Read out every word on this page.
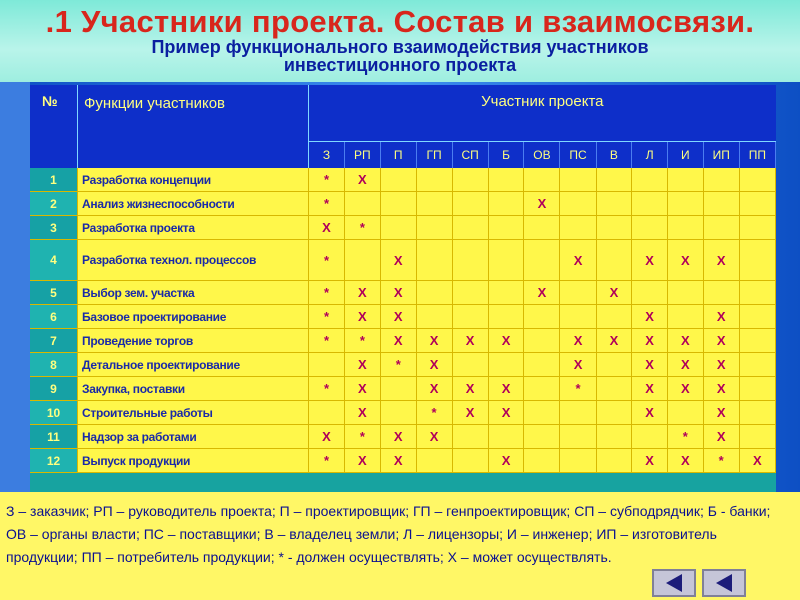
.1 Участники проекта. Состав и взаимосвязи.
Пример функционального взаимодействия участников
инвестиционного проекта
№	Функции участников	Участник проекта												
		З	РП	П	ГП	СП	Б	ОВ	ПС	В	Л	И	ИП	ПП
1	Разработка концепции	*	Х											
2	Анализ жизнеспособности	*						Х						
3	Разработка проекта	Х	*											
4	Разработка технол. процессов	*		Х					Х		Х	Х	Х	
5	Выбор зем. участка	*	Х	Х				Х		Х				
6	Базовое проектирование	*	Х	Х							Х		Х	
7	Проведение торгов	*	*	Х	Х	Х	Х		Х	Х	Х	Х	Х	
8	Детальное проектирование		Х	*	Х				Х		Х	Х	Х	
9	Закупка, поставки	*	Х		Х	Х	Х		*		Х	Х	Х	
10	Строительные работы		Х		*	Х	Х				Х		Х	
11	Надзор за работами	Х	*	Х	Х							*	Х	
12	Выпуск продукции	*	Х	Х			Х				Х	Х	*	Х
З – заказчик; РП – руководитель проекта; П – проектировщик; ГП – генпроектировщик; СП – субподрядчик; Б - банки; ОВ – органы власти; ПС – поставщики; В – владелец земли; Л – лицензоры; И – инженер; ИП – изготовитель продукции; ПП – потребитель продукции; * - должен осуществлять; Х – может осуществлять.
